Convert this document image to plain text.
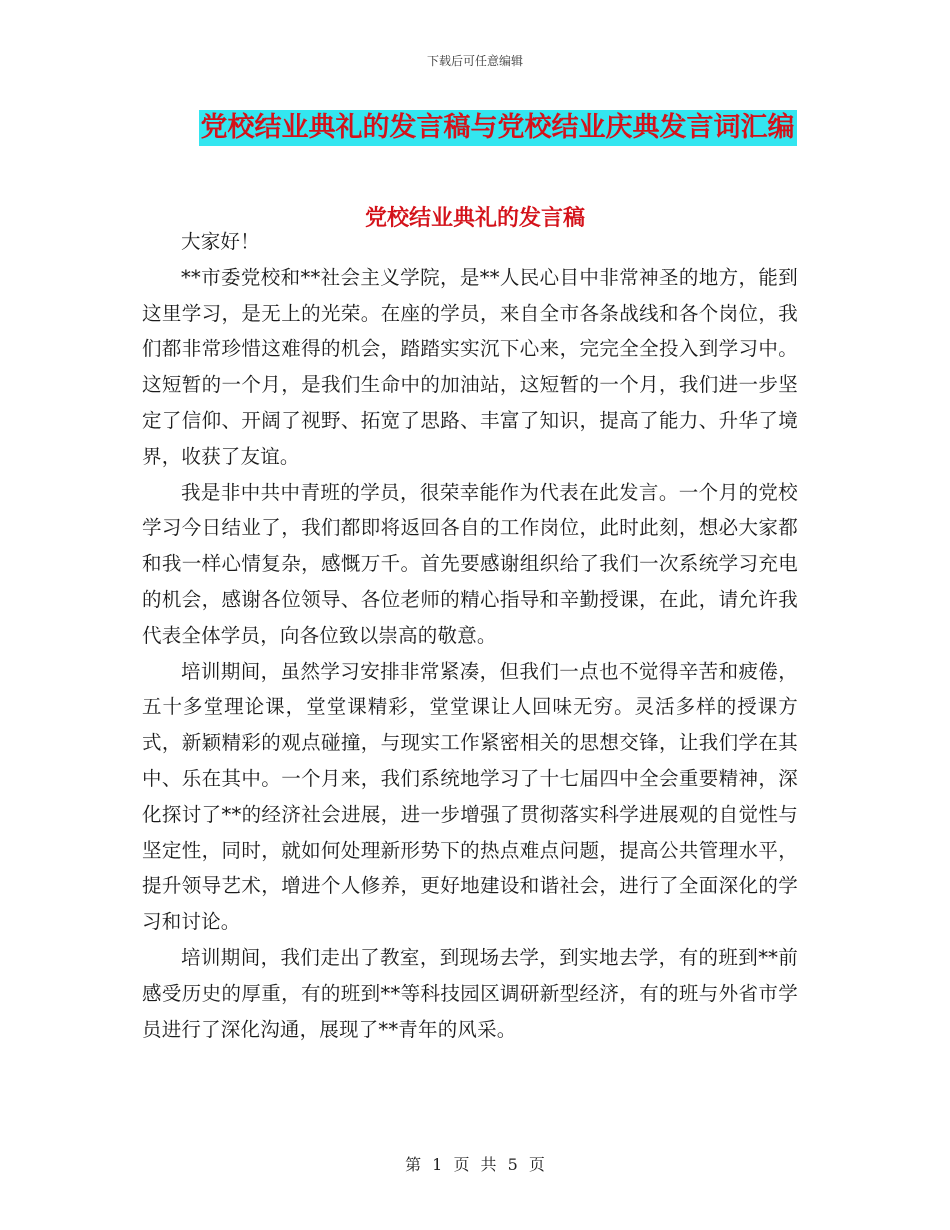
下载后可任意编辑
党校结业典礼的发言稿与党校结业庆典发言词汇编
党校结业典礼的发言稿

大家好！

**市委党校和**社会主义学院，是**人民心目中非常神圣的地方，能到这里学习，是无上的光荣。在座的学员，来自全市各条战线和各个岗位，我们都非常珍惜这难得的机会，踏踏实实沉下心来，完完全全投入到学习中。这短暂的一个月，是我们生命中的加油站，这短暂的一个月，我们进一步坚定了信仰、开阔了视野、拓宽了思路、丰富了知识，提高了能力、升华了境界，收获了友谊。

我是非中共中青班的学员，很荣幸能作为代表在此发言。一个月的党校学习今日结业了，我们都即将返回各自的工作岗位，此时此刻，想必大家都和我一样心情复杂，感慨万千。首先要感谢组织给了我们一次系统学习充电的机会，感谢各位领导、各位老师的精心指导和辛勤授课，在此，请允许我代表全体学员，向各位致以崇高的敬意。

培训期间，虽然学习安排非常紧凑，但我们一点也不觉得辛苦和疲倦，五十多堂理论课，堂堂课精彩，堂堂课让人回味无穷。灵活多样的授课方式，新颖精彩的观点碰撞，与现实工作紧密相关的思想交锋，让我们学在其中、乐在其中。一个月来，我们系统地学习了十七届四中全会重要精神，深化探讨了**的经济社会进展，进一步增强了贯彻落实科学进展观的自觉性与坚定性，同时，就如何处理新形势下的热点难点问题，提高公共管理水平，提升领导艺术，增进个人修养，更好地建设和谐社会，进行了全面深化的学习和讨论。

培训期间，我们走出了教室，到现场去学，到实地去学，有的班到**前感受历史的厚重，有的班到**等科技园区调研新型经济，有的班与外省市学员进行了深化沟通，展现了**青年的风采。

第 1 页 共 5 页
